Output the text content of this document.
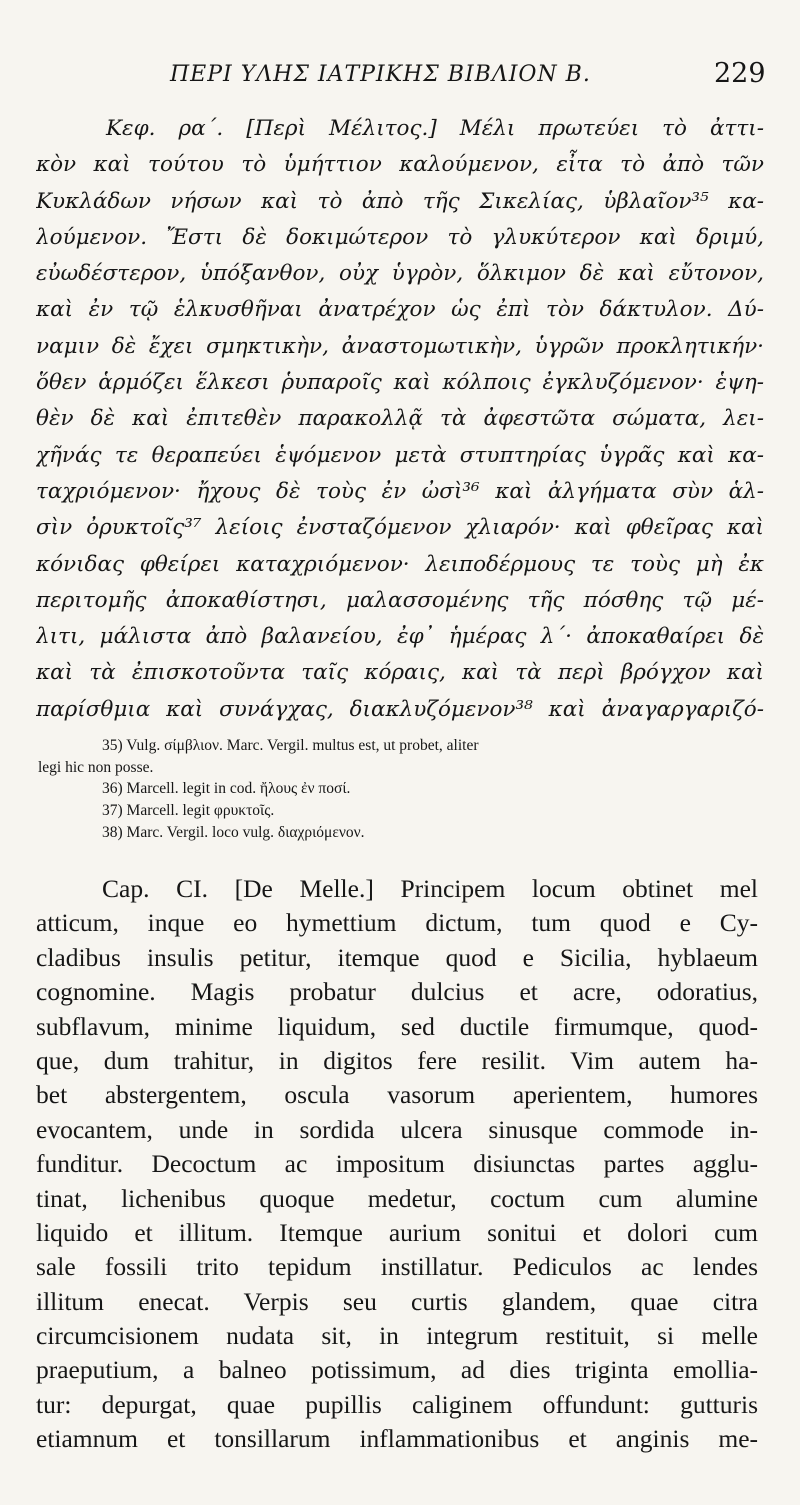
ΠΕΡΙ ΥΛΗΣ ΙΑΤΡΙΚΗΣ ΒΙΒΛΙΟΝ Β.	229
Κεφ. ρα΄. [Περὶ Μέλιτος.] Μέλι πρωτεύει τὸ ἀττι-
κὸν καὶ τούτου τὸ ὑμήττιον καλούμενον, εἶτα τὸ ἀπὸ τῶν
Κυκλάδων νήσων καὶ τὸ ἀπὸ τῆς Σικελίας, ὑβλαῖον³⁵ κα-
λούμενον. Ἔστι δὲ δοκιμώτερον τὸ γλυκύτερον καὶ δριμύ,
εὐωδέστερον, ὑπόξανθον, οὐχ ὑγρὸν, ὅλκιμον δὲ καὶ εὔτονον,
καὶ ἐν τῷ ἑλκυσθῆναι ἀνατρέχον ὡς ἐπὶ τὸν δάκτυλον. Δύ-
ναμιν δὲ ἔχει σμηκτικὴν, ἀναστομωτικὴν, ὑγρῶν προκλητικήν·
ὅθεν ἁρμόζει ἕλκεσι ῥυπαροῖς καὶ κόλποις ἐγκλυζόμενον· ἑψη-
θὲν δὲ καὶ ἐπιτεθὲν παρακολλᾷ τὰ ἀφεστῶτα σώματα, λει-
χῆνάς τε θεραπεύει ἑψόμενον μετὰ στυπτηρίας ὑγρᾶς καὶ κα-
ταχριόμενον· ἤχους δὲ τοὺς ἐν ὠσὶ³⁶ καὶ ἀλγήματα σὺν ἁλ-
σὶν ὀρυκτοῖς³⁷ λείοις ἐνσταζόμενον χλιαρόν· καὶ φθεῖρας καὶ
κόνιδας φθείρει καταχριόμενον· λειποδέρμους τε τοὺς μὴ ἐκ
περιτομῆς ἀποκαθίστησι, μαλασσομένης τῆς πόσθης τῷ μέ-
λιτι, μάλιστα ἀπὸ βαλανείου, ἐφ᾽ ἡμέρας λ΄· ἀποκαθαίρει δὲ
καὶ τὰ ἐπισκοτοῦντα ταῖς κόραις, καὶ τὰ περὶ βρόγχον καὶ
παρίσθμια καὶ συνάγχας, διακλυζόμενον³⁸ καὶ ἀναγαργαριζό-
35) Vulg. σίμβλιον. Marc. Vergil. multus est, ut probet, aliter
legi hic non posse.
36) Marcell. legit in cod. ἤλους ἐν ποσί.
37) Marcell. legit φρυκτοῖς.
38) Marc. Vergil. loco vulg. διαχριόμενον.
Cap. CI. [De Melle.] Principem locum obtinet mel
atticum, inque eo hymettium dictum, tum quod e Cy-
cladibus insulis petitur, itemque quod e Sicilia, hyblaeum
cognomine. Magis probatur dulcius et acre, odoratius,
subflavum, minime liquidum, sed ductile firmumque, quod-
que, dum trahitur, in digitos fere resilit. Vim autem ha-
bet abstergentem, oscula vasorum aperientem, humores
evocantem, unde in sordida ulcera sinusque commode in-
funditur. Decoctum ac impositum disiunctas partes agglu-
tinat, lichenibus quoque medetur, coctum cum alumine
liquido et illitum. Itemque aurium sonitui et dolori cum
sale fossili trito tepidum instillatur. Pediculos ac lendes
illitum enecat. Verpis seu curtis glandem, quae citra
circumcisionem nudata sit, in integrum restituit, si melle
praeputium, a balneo potissimum, ad dies triginta emollia-
tur: depurgat, quae pupillis caliginem offundunt: gutturis
etiamnum et tonsillarum inflammationibus et anginis me-
